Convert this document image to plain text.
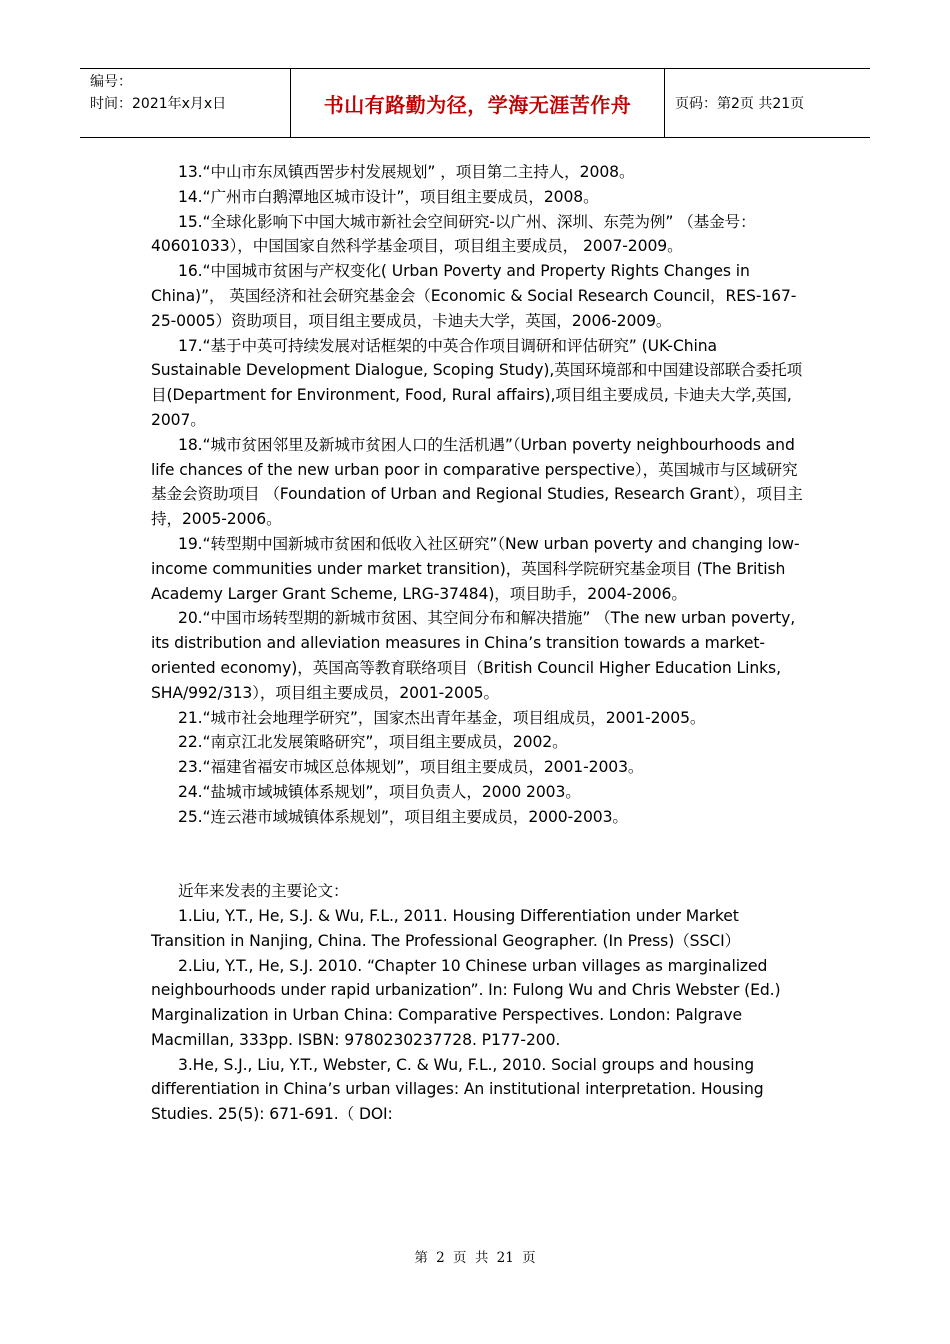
编号：
时间：2021年x月x日	书山有路勤为径，学海无涯苦作舟	页码：第2页 共21页

13.“中山市东凤镇西罟步村发展规划” ，项目第二主持人，2008。

14.“广州市白鹅潭地区城市设计”，项目组主要成员，2008。

15.“全球化影响下中国大城市新社会空间研究-以广州、深圳、东莞为例” （基金号：40601033），中国国家自然科学基金项目，项目组主要成员， 2007-2009。

16.“中国城市贫困与产权变化( Urban Poverty and Property Rights Changes in China)”， 英国经济和社会研究基金会（Economic & Social Research Council，RES-167-25-0005）资助项目，项目组主要成员，卡迪夫大学，英国，2006-2009。

17.“基于中英可持续发展对话框架的中英合作项目调研和评估研究” (UK-China Sustainable Development Dialogue, Scoping Study),英国环境部和中国建设部联合委托项目(Department for Environment, Food, Rural affairs),项目组主要成员, 卡迪夫大学,英国, 2007。

18.“城市贫困邻里及新城市贫困人口的生活机遇”（Urban poverty neighbourhoods and life chances of the new urban poor in comparative perspective），英国城市与区域研究基金会资助项目 （Foundation of Urban and Regional Studies, Research Grant），项目主持，2005-2006。

19.“转型期中国新城市贫困和低收入社区研究”（New urban poverty and changing low-income communities under market transition)，英国科学院研究基金项目 (The British Academy Larger Grant Scheme, LRG-37484)，项目助手，2004-2006。

20.“中国市场转型期的新城市贫困、其空间分布和解决措施” （The new urban poverty, its distribution and alleviation measures in China’s transition towards a market-oriented economy)，英国高等教育联络项目（British Council Higher Education Links, SHA/992/313），项目组主要成员，2001-2005。

21.“城市社会地理学研究”，国家杰出青年基金，项目组成员，2001-2005。

22.“南京江北发展策略研究”，项目组主要成员，2002。

23.“福建省福安市城区总体规划”，项目组主要成员，2001-2003。

24.“盐城市域城镇体系规划”，项目负责人，2000 2003。

25.“连云港市域城镇体系规划”，项目组主要成员，2000-2003。

近年来发表的主要论文：

1.Liu, Y.T., He, S.J. & Wu, F.L., 2011. Housing Differentiation under Market Transition in Nanjing, China. The Professional Geographer. (In Press)（SSCI）

2.Liu, Y.T., He, S.J. 2010. “Chapter 10 Chinese urban villages as marginalized neighbourhoods under rapid urbanization”. In: Fulong Wu and Chris Webster (Ed.) Marginalization in Urban China: Comparative Perspectives. London: Palgrave Macmillan, 333pp. ISBN: 9780230237728. P177-200.

3.He, S.J., Liu, Y.T., Webster, C. & Wu, F.L., 2010. Social groups and housing differentiation in China’s urban villages: An institutional interpretation. Housing Studies. 25(5): 671-691.（ DOI:

第 2 页 共 21 页
